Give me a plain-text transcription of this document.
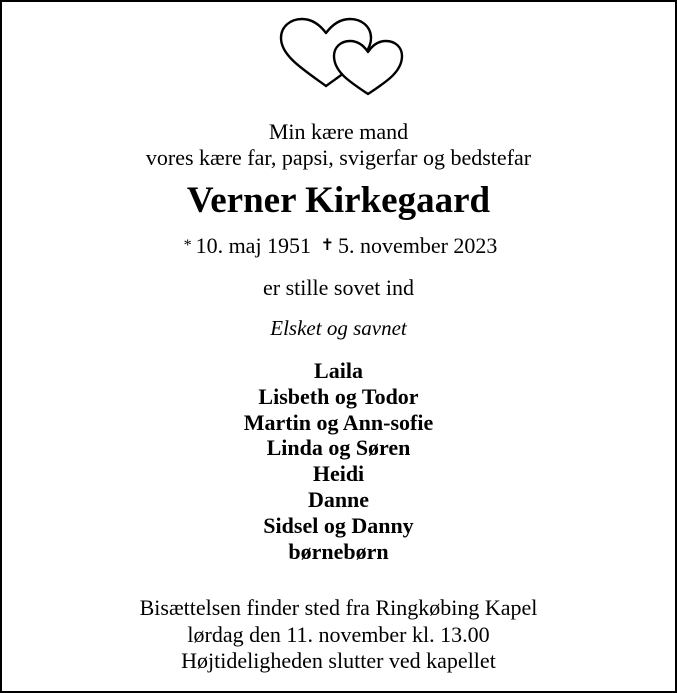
Min kære mand
vores kære far, papsi, svigerfar og bedstefar
Verner Kirkegaard
* 10. maj 1951 ✝ 5. november 2023
er stille sovet ind
Elsket og savnet
Laila
Lisbeth og Todor
Martin og Ann-sofie
Linda og Søren
Heidi
Danne
Sidsel og Danny
børnebørn
Bisættelsen finder sted fra Ringkøbing Kapel
lørdag den 11. november kl. 13.00
Højtideligheden slutter ved kapellet
